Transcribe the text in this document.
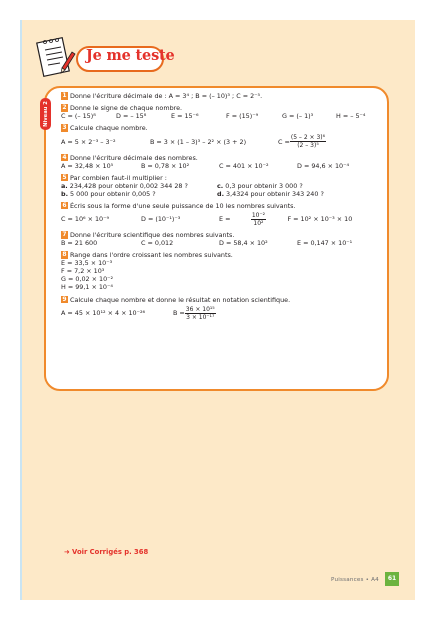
Je me teste
Niveau 2
1 Donne l'écriture décimale de : A = 3⁴ ; B = (– 10)³ ; C = 2⁻⁵.
2 Donne le signe de chaque nombre.
C = (– 15)⁸	D = – 15⁸	E = 15⁻⁶	F = (15)⁻⁹	G = (– 1)³	H = – 5⁻⁴
3 Calcule chaque nombre.
A = 5 × 2⁻³ – 3⁻²	B = 3 × (1 – 3)³ – 2² × (3 + 2)	$C = \frac{\text{(5 – 2 × 3)⁶}}{\text{(2 – 3)⁵}}$
4 Donne l'écriture décimale des nombres.
A = 32,48 × 10⁵	B = 0,78 × 10²	C = 401 × 10⁻²	D = 94,6 × 10⁻⁴
5 Par combien faut-il multiplier :
a. 234,428 pour obtenir 0,002 344 28 ?	c. 0,3 pour obtenir 3 000 ?
b. 5 000 pour obtenir 0,005 ?	d. 3,4324 pour obtenir 343 240 ?
6 Écris sous la forme d'une seule puissance de 10 les nombres suivants.
C = 10⁶ × 10⁻⁹	D = (10⁻¹)⁻³	$E = \frac{\text{10⁻²}}{\text{10²}}$ F = 10² × 10⁻³ × 10
7 Donne l'écriture scientifique des nombres suivants.
B = 21 600	C = 0,012	D = 58,4 × 10²	E = 0,147 × 10⁻¹
8 Range dans l'ordre croissant les nombres suivants.
E = 33,5 × 10⁻³
F = 7,2 × 10³
G = 0,02 × 10⁻²
H = 99,1 × 10⁻⁴
9 Calcule chaque nombre et donne le résultat en notation scientifique.
A = 45 × 10¹² × 4 × 10⁻²⁶	$B = \frac{\text{36 × 10¹⁵}}{\text{3 × 10⁻¹⁷}}$
➜ Voir Corrigés p. 368
Puissances • A4	61
